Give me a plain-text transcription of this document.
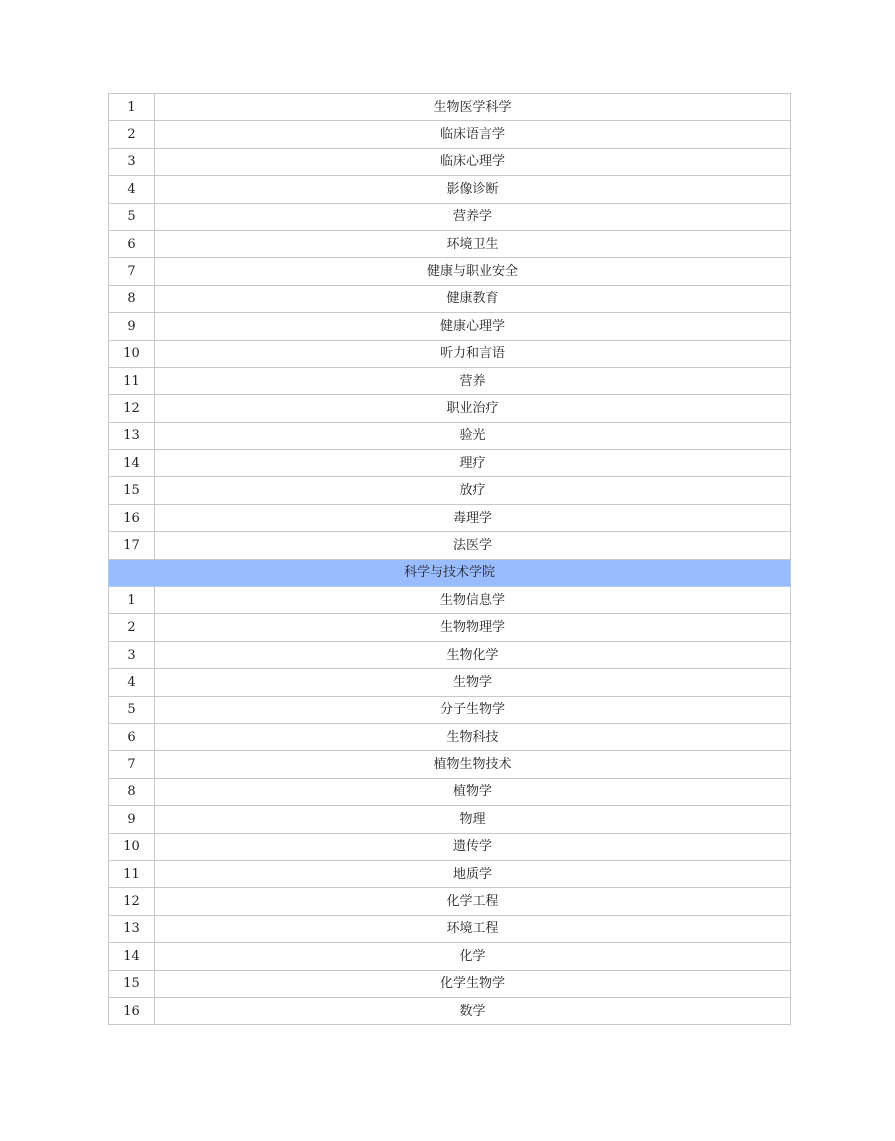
1	生物医学科学
2	临床语言学
3	临床心理学
4	影像诊断
5	营养学
6	环境卫生
7	健康与职业安全
8	健康教育
9	健康心理学
10	听力和言语
11	营养
12	职业治疗
13	验光
14	理疗
15	放疗
16	毒理学
17	法医学
科学与技术学院	
1	生物信息学
2	生物物理学
3	生物化学
4	生物学
5	分子生物学
6	生物科技
7	植物生物技术
8	植物学
9	物理
10	遗传学
11	地质学
12	化学工程
13	环境工程
14	化学
15	化学生物学
16	数学
